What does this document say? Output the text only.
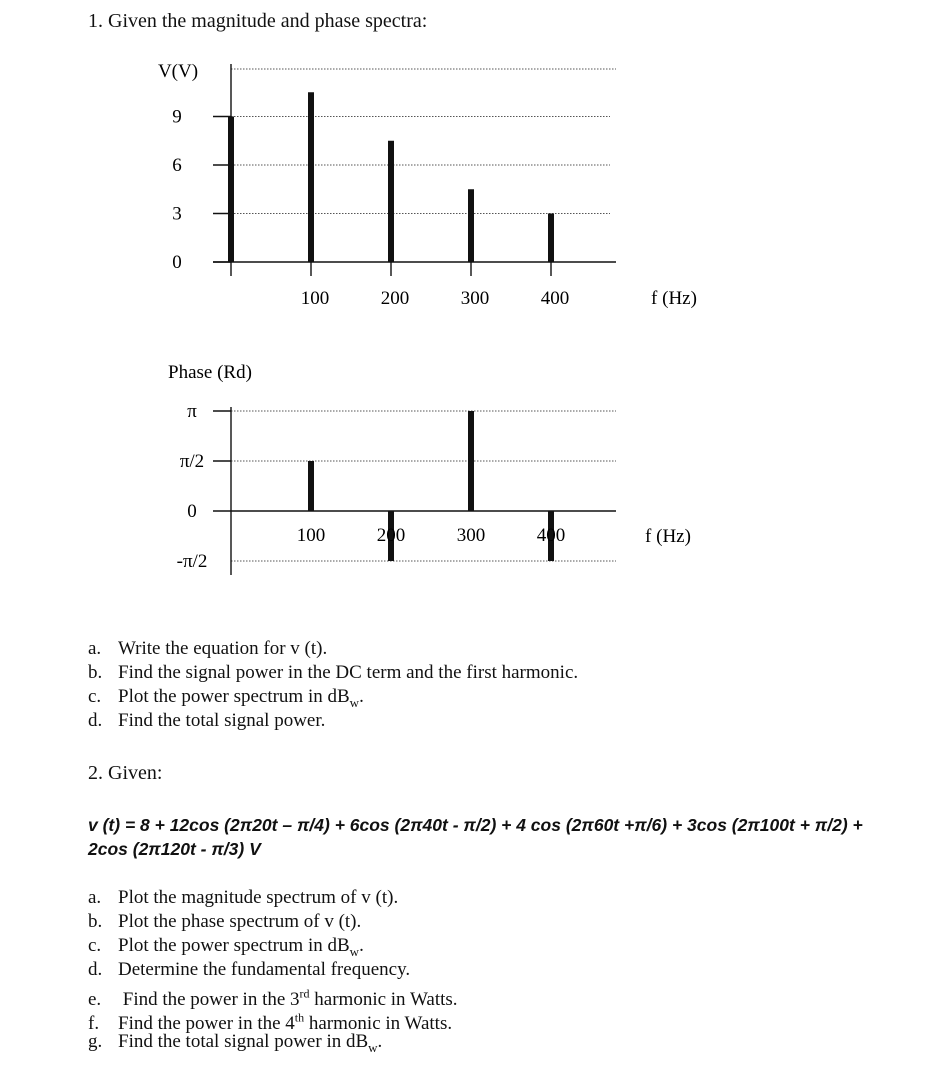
1. Given the magnitude and phase spectra:
V(V)
0
3
6
9
100	200	300	400	f (Hz)
Phase (Rd)
π
π/2
0
-π/2
100	200	300	400	f (Hz)
a. Write the equation for v (t).
b. Find the signal power in the DC term and the first harmonic.
c. Plot the power spectrum in $dB_w$.
d. Find the total signal power.
2. Given:
v (t) = 8 + 12cos (2π20t – π/4) + 6cos (2π40t - π/2) + 4 cos (2π60t +π/6) + 3cos (2π100t + π/2) +
2cos (2π120t - π/3) V
a. Plot the magnitude spectrum of v (t).
b. Plot the phase spectrum of v (t).
c. Plot the power spectrum in $dB_w$.
d. Determine the fundamental frequency.
e. Find the power in the 3rd harmonic in Watts.
f. Find the power in the 4th harmonic in Watts.
g. Find the total signal power in $dB_w$.
